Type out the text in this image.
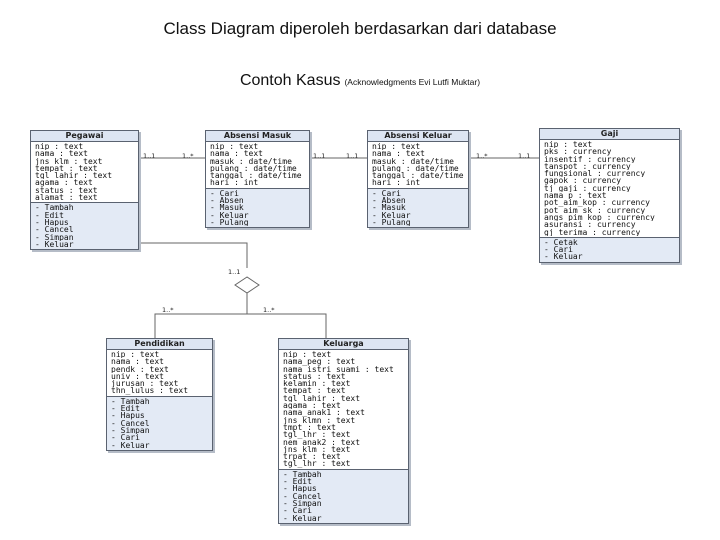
Class Diagram diperoleh berdasarkan dari database
Contoh Kasus (Acknowledgments Evi Lutfi Muktar)
1..1	1..*	1..1	1..1	1..*	1..1
1..1
1..*	1..*
Pegawai
nip : text
nama : text
jns_klm : text
tempat : text
tgl_lahir : text
agama : text
status : text
alamat : text
- Tambah
- Edit
- Hapus
- Cancel
- Simpan
- Keluar
Absensi Masuk
nip : text
nama : text
masuk : date/time
pulang : date/time
tanggal : date/time
hari : int
- Cari
- Absen
- Masuk
- Keluar
- Pulang
Absensi Keluar
nip : text
nama : text
masuk : date/time
pulang : date/time
tanggal : date/time
hari : int
- Cari
- Absen
- Masuk
- Keluar
- Pulang
Gaji
nip : text
pks : currency
insentif : currency
tanspot : currency
fungsional : currency
gapok : currency
tj_gaji : currency
nama_p : text
pot_aim_kop : currency
pot_aim_sk : currency
angs_pim_kop : currency
asuransi : currency
gj_terima : currency
- Cetak
- Cari
- Keluar
Pendidikan
nip : text
nama : text
pendk : text
univ : text
jurusan : text
thn_lulus : text
- Tambah
- Edit
- Hapus
- Cancel
- Simpan
- Cari
- Keluar
Keluarga
nip : text
nama_peg : text
nama_istri_suami : text
status : text
kelamin : text
tempat : text
tgl_lahir : text
agama : text
nama_anak1 : text
jns_klmn : text
tmpt : text
tgl_lhr : text
nem_anak2 : text
jns_klm : text
trpat : text
tgl_lhr : text
- Tambah
- Edit
- Hapus
- Cancel
- Simpan
- Cari
- Keluar
